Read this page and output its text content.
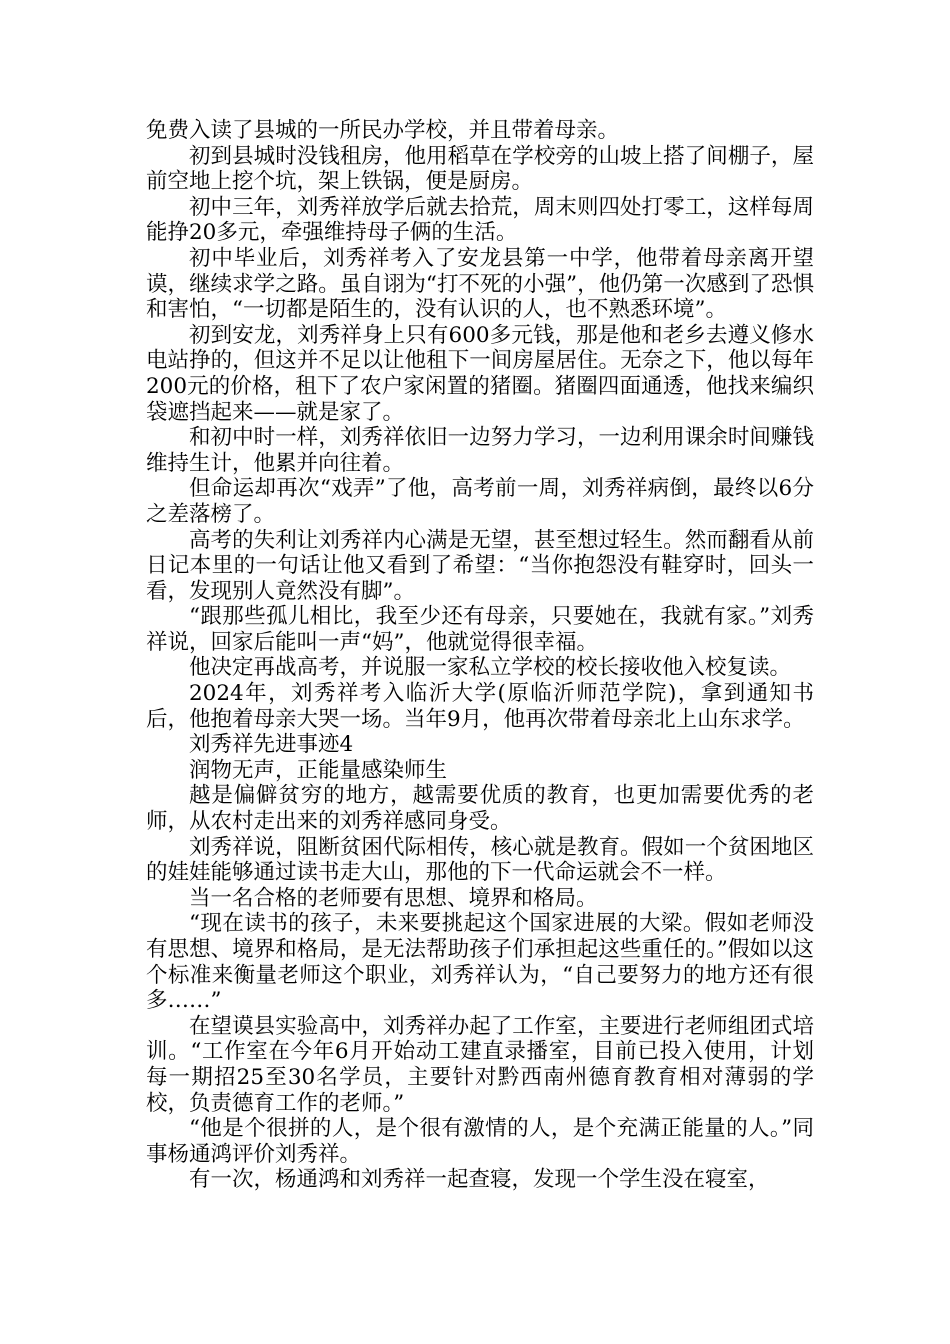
免费入读了县城的一所民办学校，并且带着母亲。

初到县城时没钱租房，他用稻草在学校旁的山坡上搭了间棚子，屋前空地上挖个坑，架上铁锅，便是厨房。

初中三年，刘秀祥放学后就去拾荒，周末则四处打零工，这样每周能挣20多元，牵强维持母子俩的生活。

初中毕业后，刘秀祥考入了安龙县第一中学，他带着母亲离开望谟，继续求学之路。虽自诩为“打不死的小强”，他仍第一次感到了恐惧和害怕，“一切都是陌生的，没有认识的人，也不熟悉环境”。

初到安龙，刘秀祥身上只有600多元钱，那是他和老乡去遵义修水电站挣的，但这并不足以让他租下一间房屋居住。无奈之下，他以每年200元的价格，租下了农户家闲置的猪圈。猪圈四面通透，他找来编织袋遮挡起来——就是家了。

和初中时一样，刘秀祥依旧一边努力学习，一边利用课余时间赚钱维持生计，他累并向往着。

但命运却再次“戏弄”了他，高考前一周，刘秀祥病倒，最终以6分之差落榜了。

高考的失利让刘秀祥内心满是无望，甚至想过轻生。然而翻看从前日记本里的一句话让他又看到了希望：“当你抱怨没有鞋穿时，回头一看，发现别人竟然没有脚”。

“跟那些孤儿相比，我至少还有母亲，只要她在，我就有家。”刘秀祥说，回家后能叫一声“妈”，他就觉得很幸福。

他决定再战高考，并说服一家私立学校的校长接收他入校复读。

2024年，刘秀祥考入临沂大学(原临沂师范学院)，拿到通知书后，他抱着母亲大哭一场。当年9月，他再次带着母亲北上山东求学。

刘秀祥先进事迹4
润物无声，正能量感染师生

越是偏僻贫穷的地方，越需要优质的教育，也更加需要优秀的老师，从农村走出来的刘秀祥感同身受。

刘秀祥说，阻断贫困代际相传，核心就是教育。假如一个贫困地区的娃娃能够通过读书走大山，那他的下一代命运就会不一样。

当一名合格的老师要有思想、境界和格局。

“现在读书的孩子，未来要挑起这个国家进展的大梁。假如老师没有思想、境界和格局，是无法帮助孩子们承担起这些重任的。”假如以这个标准来衡量老师这个职业，刘秀祥认为，“自己要努力的地方还有很多……”

在望谟县实验高中，刘秀祥办起了工作室，主要进行老师组团式培训。“工作室在今年6月开始动工建直录播室，目前已投入使用，计划每一期招25至30名学员，主要针对黔西南州德育教育相对薄弱的学校，负责德育工作的老师。”

“他是个很拼的人，是个很有激情的人，是个充满正能量的人。”同事杨通鸿评价刘秀祥。

有一次，杨通鸿和刘秀祥一起查寝，发现一个学生没在寝室，
